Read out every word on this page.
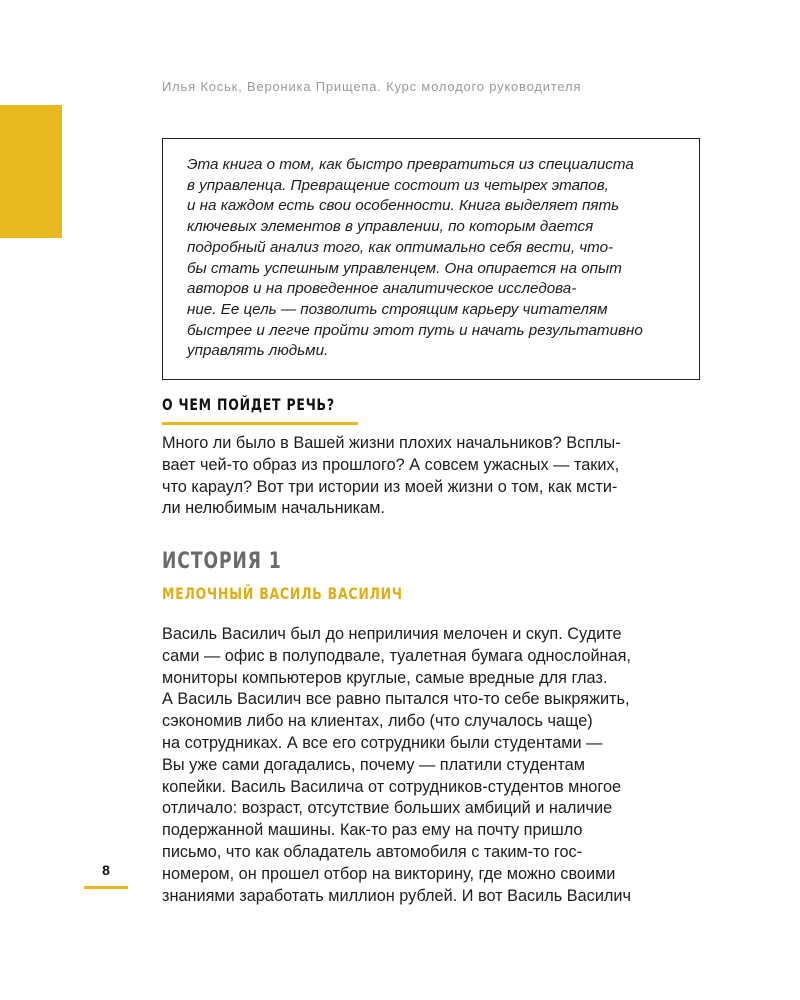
Илья Коськ, Вероника Прищепа. Курс молодого руководителя
Эта книга о том, как быстро превратиться из специалиста
в управленца. Превращение состоит из четырех этапов,
и на каждом есть свои особенности. Книга выделяет пять
ключевых элементов в управлении, по которым дается
подробный анализ того, как оптимально себя вести, что-
бы стать успешным управленцем. Она опирается на опыт
авторов и на проведенное аналитическое исследова-
ние. Ее цель — позволить строящим карьеру читателям
быстрее и легче пройти этот путь и начать результативно
управлять людьми.
О ЧЕМ ПОЙДЕТ РЕЧЬ?
Много ли было в Вашей жизни плохих начальников? Всплы-
вает чей-то образ из прошлого? А совсем ужасных — таких,
что караул? Вот три истории из моей жизни о том, как мсти-
ли нелюбимым начальникам.
ИСТОРИЯ 1
МЕЛОЧНЫЙ ВАСИЛЬ ВАСИЛИЧ
Василь Василич был до неприличия мелочен и скуп. Судите
сами — офис в полуподвале, туалетная бумага однослойная,
мониторы компьютеров круглые, самые вредные для глаз.
А Василь Василич все равно пытался что-то себе выкряжить,
сэкономив либо на клиентах, либо (что случалось чаще)
на сотрудниках. А все его сотрудники были студентами —
Вы уже сами догадались, почему — платили студентам
копейки. Василь Василича от сотрудников-студентов многое
отличало: возраст, отсутствие больших амбиций и наличие
подержанной машины. Как-то раз ему на почту пришло
письмо, что как обладатель автомобиля с таким-то гос-
номером, он прошел отбор на викторину, где можно своими
знаниями заработать миллион рублей. И вот Василь Василич
8
